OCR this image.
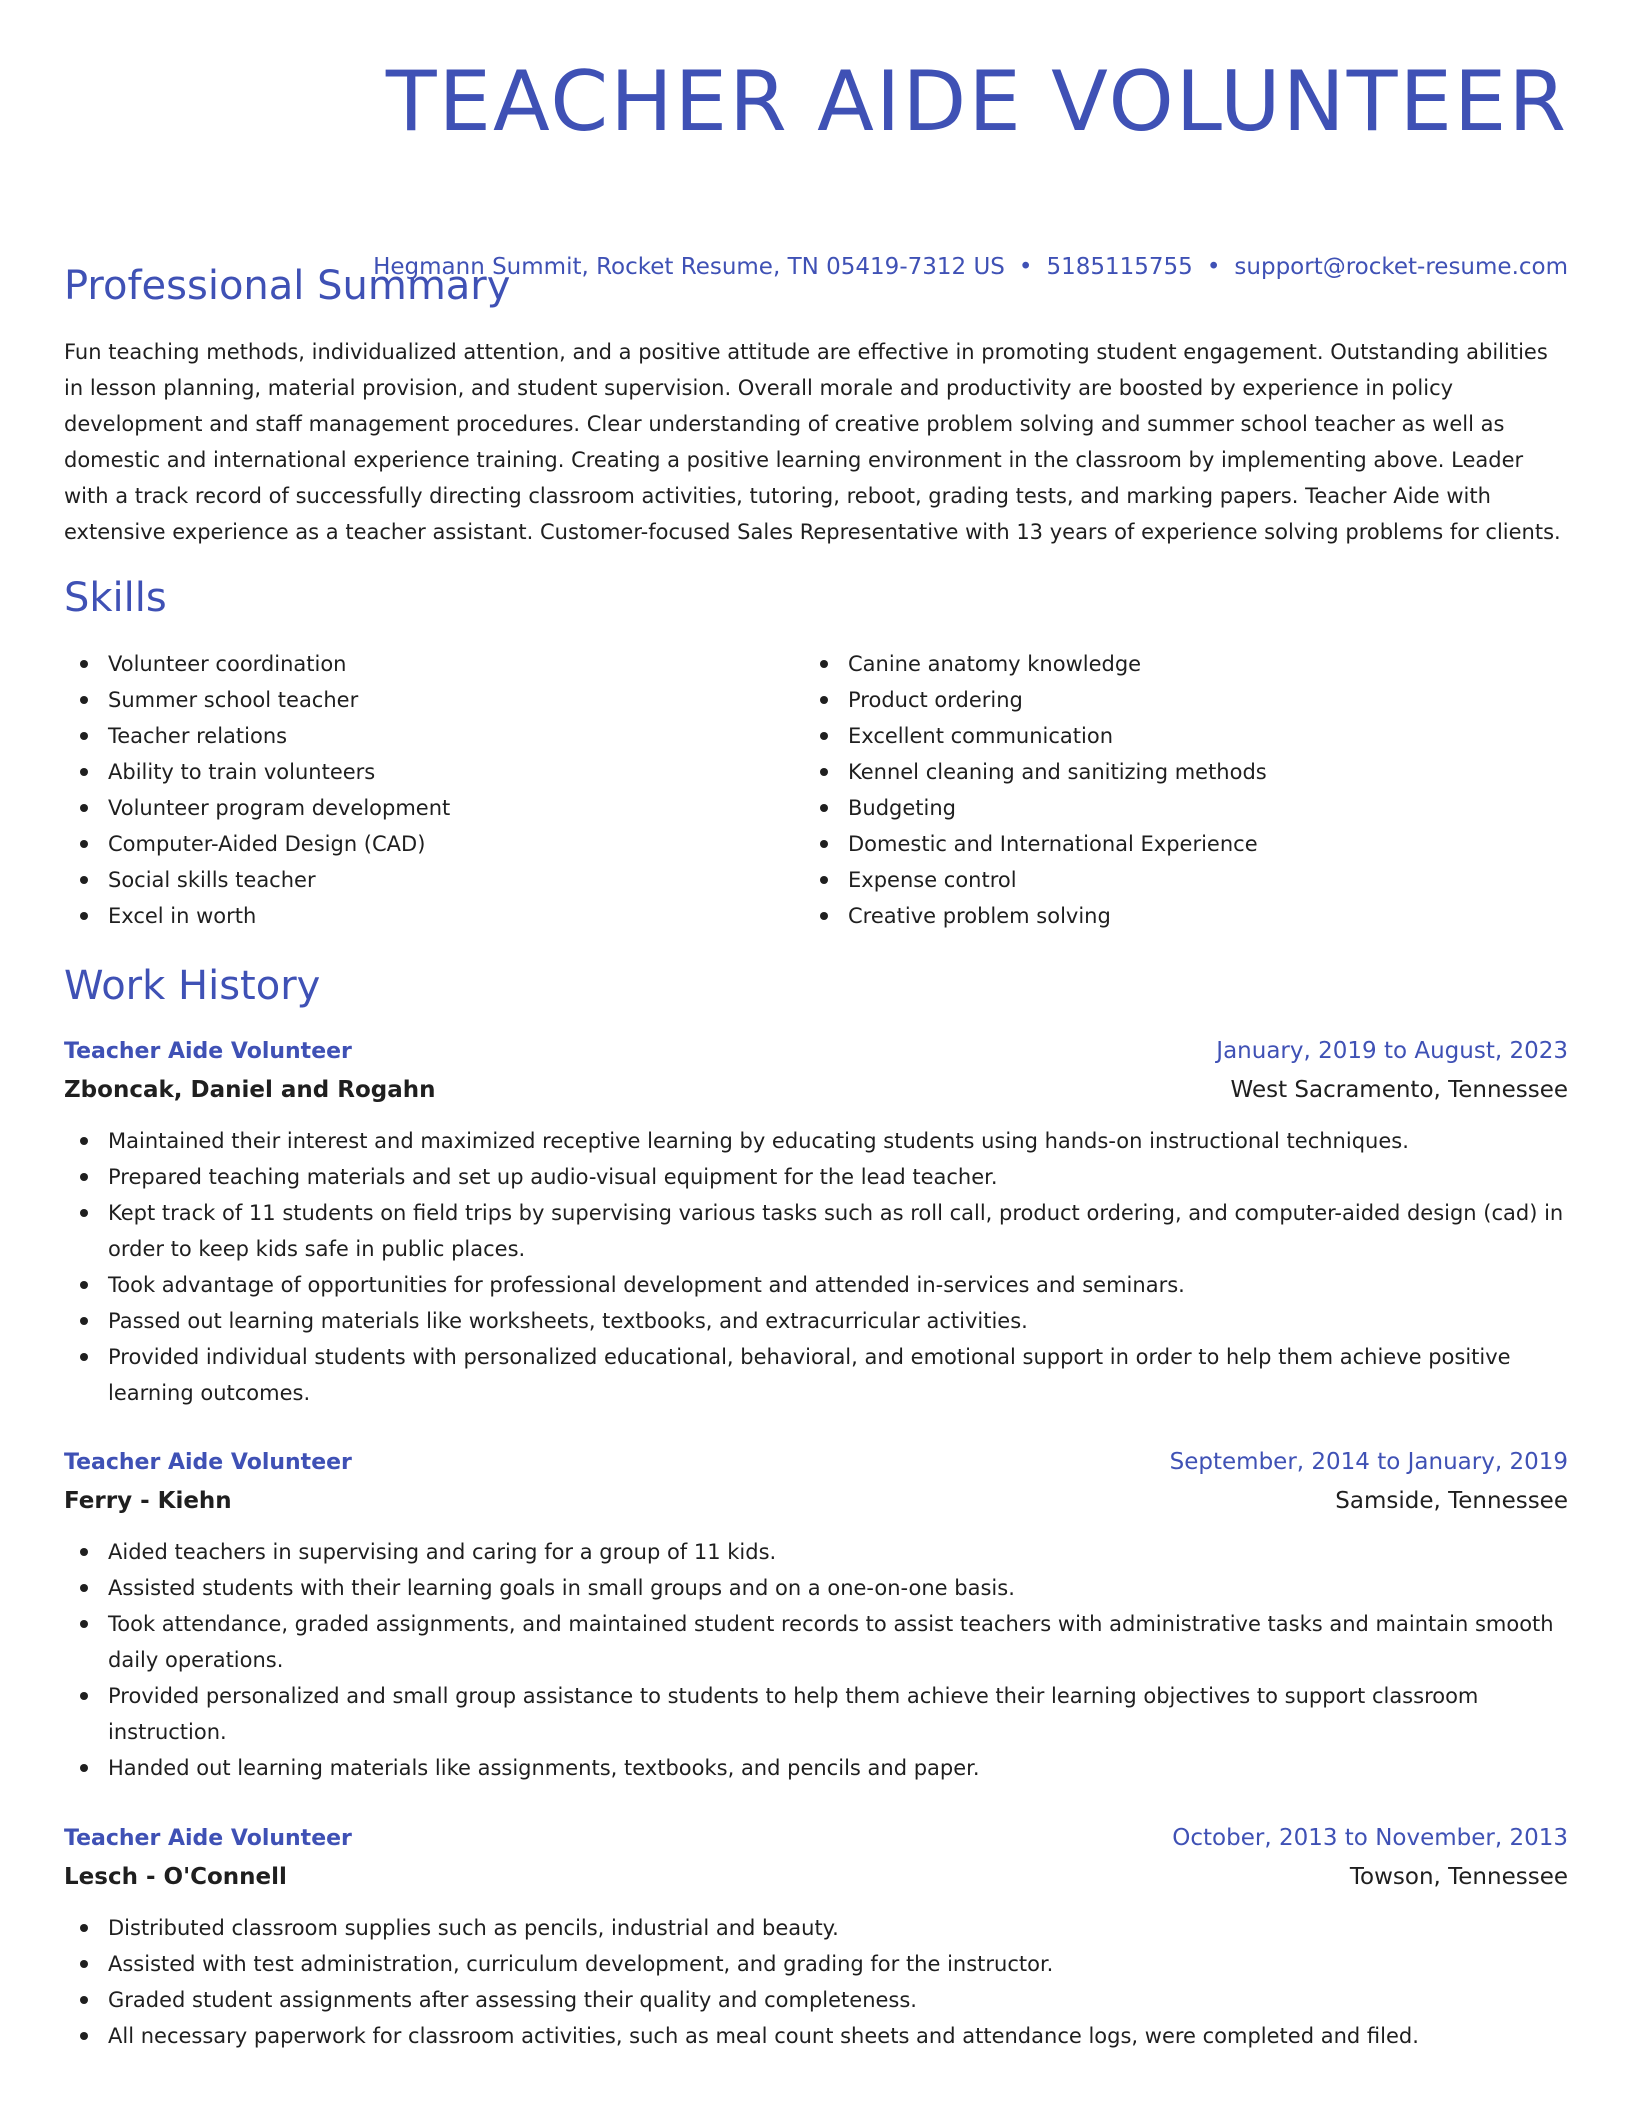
TEACHER AIDE VOLUNTEER
Hegmann Summit, Rocket Resume, TN 05419-7312 US • 5185115755 • support@rocket-resume.com
Professional Summary

Fun teaching methods, individualized attention, and a positive attitude are effective in promoting student engagement. Outstanding abilities in lesson planning, material provision, and student supervision. Overall morale and productivity are boosted by experience in policy development and staff management procedures. Clear understanding of creative problem solving and summer school teacher as well as domestic and international experience training. Creating a positive learning environment in the classroom by implementing above. Leader with a track record of successfully directing classroom activities, tutoring, reboot, grading tests, and marking papers. Teacher Aide with extensive experience as a teacher assistant. Customer-focused Sales Representative with 13 years of experience solving problems for clients.

Skills
Volunteer coordination
Summer school teacher
Teacher relations
Ability to train volunteers
Volunteer program development
Computer-Aided Design (CAD)
Social skills teacher
Excel in worth
Canine anatomy knowledge
Product ordering
Excellent communication
Kennel cleaning and sanitizing methods
Budgeting
Domestic and International Experience
Expense control
Creative problem solving
Work History
Teacher Aide Volunteer	January, 2019 to August, 2023
Zboncak, Daniel and Rogahn	West Sacramento, Tennessee
Maintained their interest and maximized receptive learning by educating students using hands-on instructional techniques.
Prepared teaching materials and set up audio-visual equipment for the lead teacher.
Kept track of 11 students on field trips by supervising various tasks such as roll call, product ordering, and computer-aided design (cad) in order to keep kids safe in public places.
Took advantage of opportunities for professional development and attended in-services and seminars.
Passed out learning materials like worksheets, textbooks, and extracurricular activities.
Provided individual students with personalized educational, behavioral, and emotional support in order to help them achieve positive learning outcomes.
Teacher Aide Volunteer	September, 2014 to January, 2019
Ferry - Kiehn	Samside, Tennessee
Aided teachers in supervising and caring for a group of 11 kids.
Assisted students with their learning goals in small groups and on a one-on-one basis.
Took attendance, graded assignments, and maintained student records to assist teachers with administrative tasks and maintain smooth daily operations.
Provided personalized and small group assistance to students to help them achieve their learning objectives to support classroom instruction.
Handed out learning materials like assignments, textbooks, and pencils and paper.
Teacher Aide Volunteer	October, 2013 to November, 2013
Lesch - O'Connell	Towson, Tennessee
Distributed classroom supplies such as pencils, industrial and beauty.
Assisted with test administration, curriculum development, and grading for the instructor.
Graded student assignments after assessing their quality and completeness.
All necessary paperwork for classroom activities, such as meal count sheets and attendance logs, were completed and filed.
